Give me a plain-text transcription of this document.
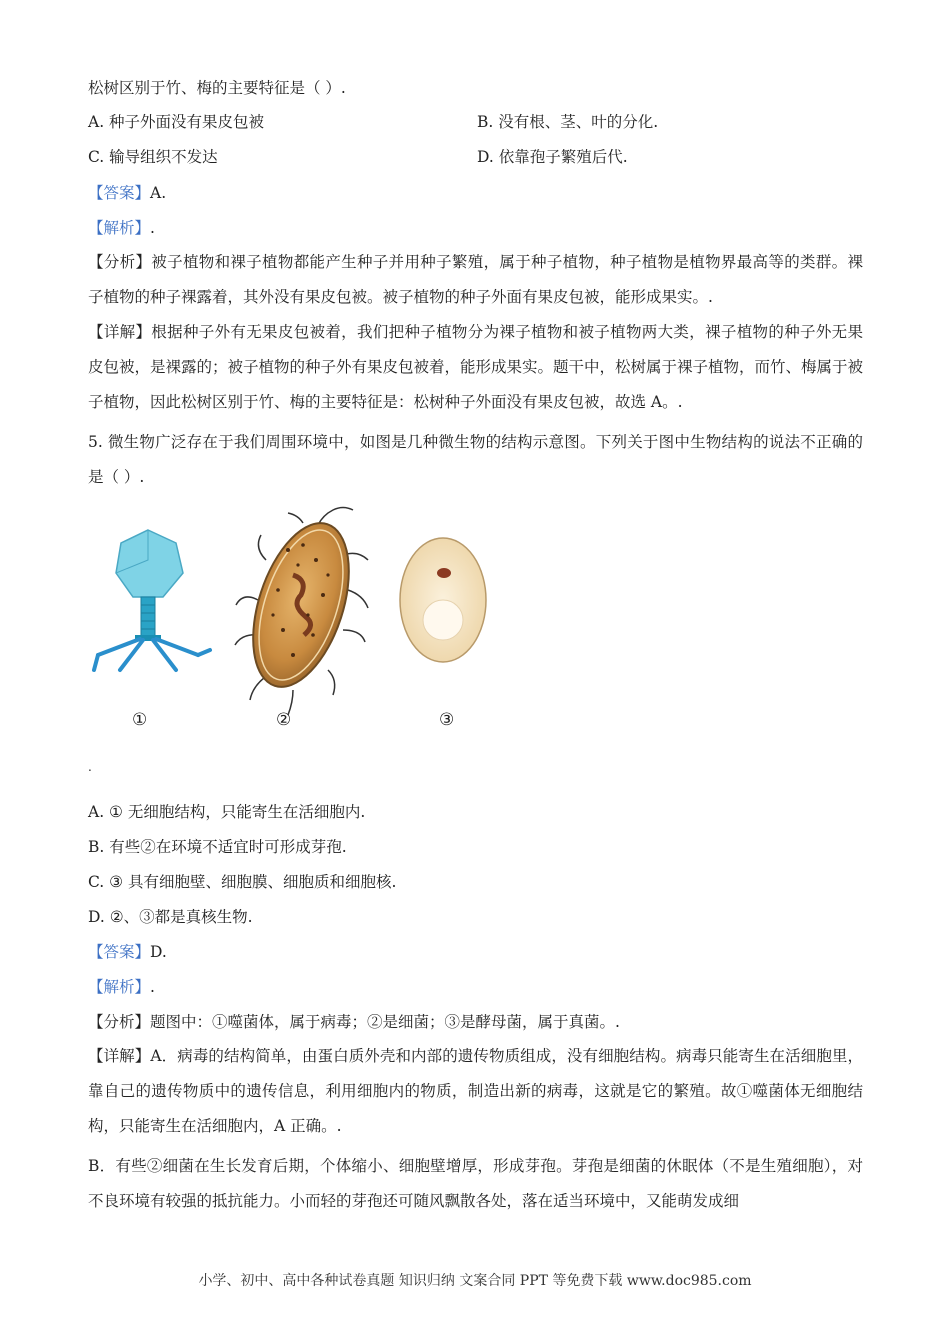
松树区别于竹、梅的主要特征是（ ）.
A. 种子外面没有果皮包被	B. 没有根、茎、叶的分化.
C. 输导组织不发达	D. 依靠孢子繁殖后代.
【答案】A.
【解析】.
【分析】被子植物和裸子植物都能产生种子并用种子繁殖，属于种子植物，种子植物是植物界最高等的类群。裸子植物的种子裸露着，其外没有果皮包被。被子植物的种子外面有果皮包被，能形成果实。.
【详解】根据种子外有无果皮包被着，我们把种子植物分为裸子植物和被子植物两大类，裸子植物的种子外无果皮包被，是裸露的；被子植物的种子外有果皮包被着，能形成果实。题干中，松树属于裸子植物，而竹、梅属于被子植物，因此松树区别于竹、梅的主要特征是：松树种子外面没有果皮包被，故选 A。.
5. 微生物广泛存在于我们周围环境中，如图是几种微生物的结构示意图。下列关于图中生物结构的说法不正确的是（ ）.
①	②	③
.
A. ① 无细胞结构，只能寄生在活细胞内.
B. 有些②在环境不适宜时可形成芽孢.
C. ③ 具有细胞壁、细胞膜、细胞质和细胞核.
D. ②、③都是真核生物.
【答案】D.
【解析】.
【分析】题图中：①噬菌体，属于病毒；②是细菌；③是酵母菌，属于真菌。.
【详解】A．病毒的结构简单，由蛋白质外壳和内部的遗传物质组成，没有细胞结构。病毒只能寄生在活细胞里，靠自己的遗传物质中的遗传信息，利用细胞内的物质，制造出新的病毒，这就是它的繁殖。故①噬菌体无细胞结构，只能寄生在活细胞内，A 正确。.
B．有些②细菌在生长发育后期，个体缩小、细胞壁增厚，形成芽孢。芽孢是细菌的休眠体（不是生殖细胞），对不良环境有较强的抵抗能力。小而轻的芽孢还可随风飘散各处，落在适当环境中，又能萌发成细
小学、初中、高中各种试卷真题 知识归纳 文案合同 PPT 等免费下载 www.doc985.com
